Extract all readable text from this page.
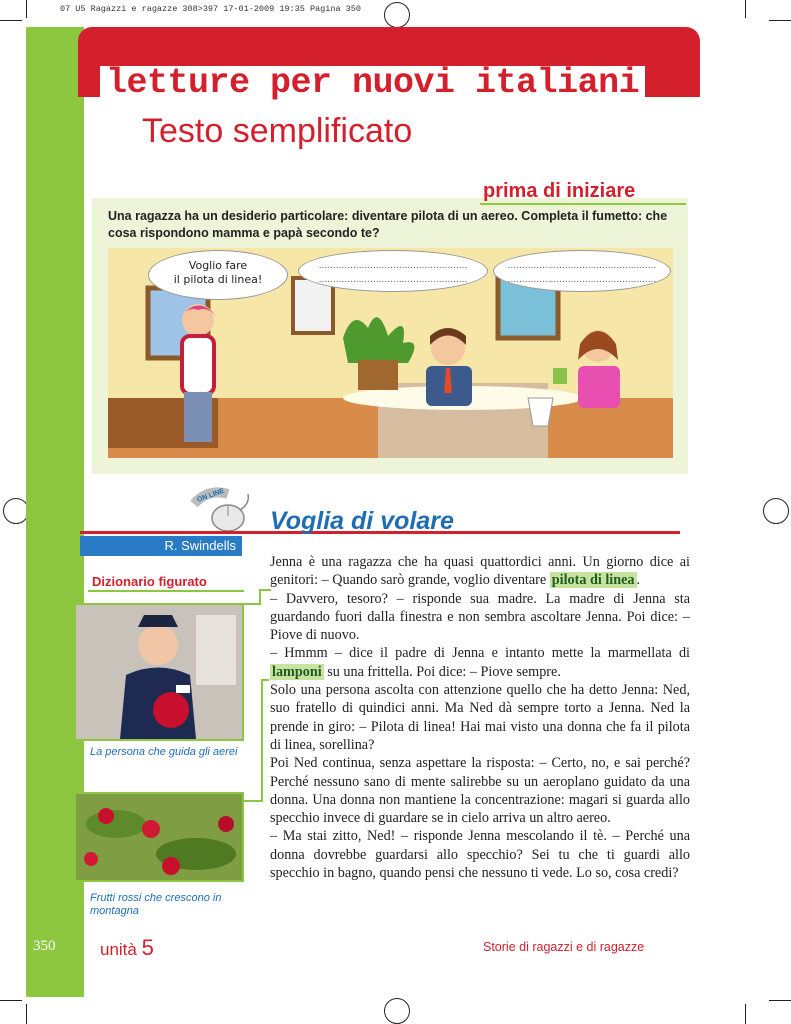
07 U5 Ragazzi e ragazze 308>397 17-01-2009 19:35 Pagina 350
letture per nuovi italiani
Testo semplificato
prima di iniziare
Una ragazza ha un desiderio particolare: diventare pilota di un aereo. Completa il fumetto: che cosa rispondono mamma e papà secondo te?
Voglio fare
il pilota di linea!
....................................................
....................................................
....................................................
....................................................
ON LINE
R. Swindells
Voglia di volare
Dizionario figurato
La persona che guida gli aerei
Frutti rossi che crescono in montagna

Jenna è una ragazza che ha quasi quattordici anni. Un giorno dice ai genitori: – Quando sarò grande, voglio diventare pilota di linea .

– Davvero, tesoro? – risponde sua madre. La madre di Jenna sta guardando fuori dalla finestra e non sembra ascoltare Jenna. Poi dice: – Piove di nuovo.

– Hmmm – dice il padre di Jenna e intanto mette la marmellata di lamponi su una frittella. Poi dice: – Piove sempre.

Solo una persona ascolta con attenzione quello che ha detto Jenna: Ned, suo fratello di quindici anni. Ma Ned dà sempre torto a Jenna. Ned la prende in giro: – Pilota di linea! Hai mai visto una donna che fa il pilota di linea, sorellina?

Poi Ned continua, senza aspettare la risposta: – Certo, no, e sai perché? Perché nessuno sano di mente salirebbe su un aeroplano guidato da una donna. Una donna non mantiene la concentrazione: magari si guarda allo specchio invece di guardare se in cielo arriva un altro aereo.

– Ma stai zitto, Ned! – risponde Jenna mescolando il tè. – Perché una donna dovrebbe guardarsi allo specchio? Sei tu che ti guardi allo specchio in bagno, quando pensi che nessuno ti vede. Lo so, cosa credi?

350	unità 5	Storie di ragazzi e di ragazze
